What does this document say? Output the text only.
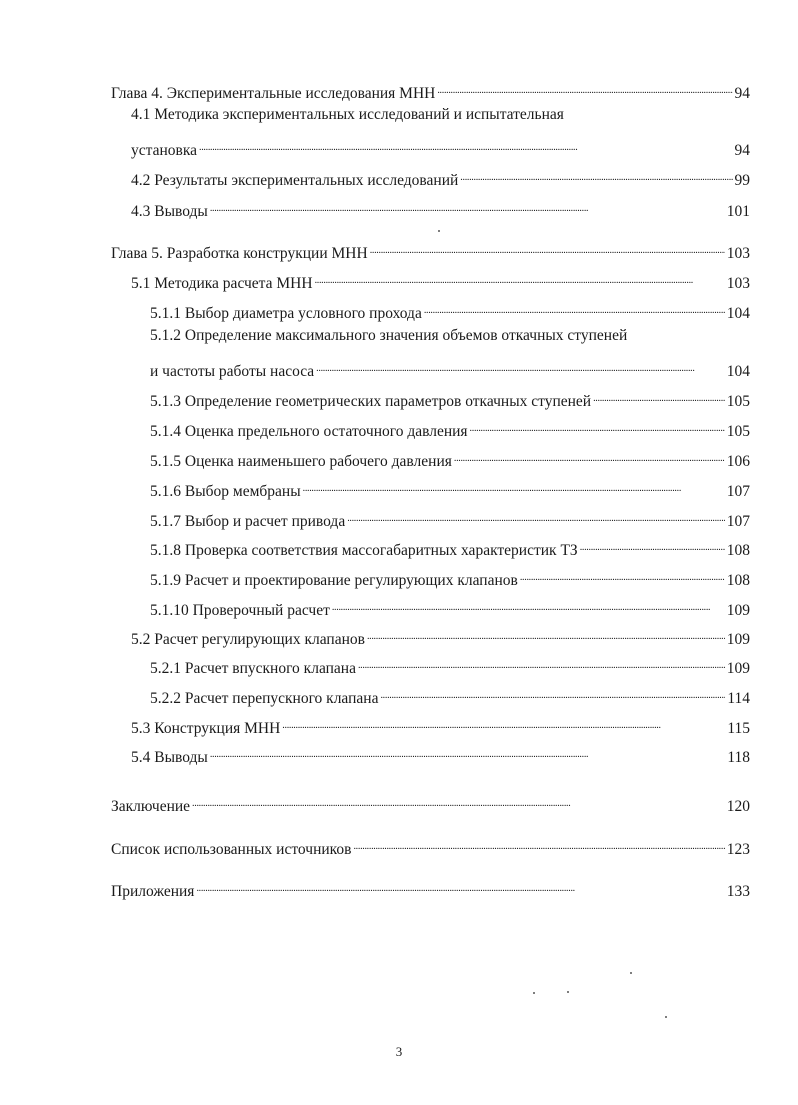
Глава 4. Экспериментальные исследования МНН . . .	94
4.1 Методика экспериментальных исследований и испытательная
установка . . .	94
4.2 Результаты экспериментальных исследований . . .	99
4.3 Выводы . . .	101
Глава 5. Разработка конструкции МНН . . .	103
5.1 Методика расчета МНН . . .	103
5.1.1 Выбор диаметра условного прохода . . .	104
5.1.2 Определение максимального значения объемов откачных ступеней
и частоты работы насоса . . .	104
5.1.3 Определение геометрических параметров откачных ступеней . . .	105
5.1.4 Оценка предельного остаточного давления . . .	105
5.1.5 Оценка наименьшего рабочего давления . . .	106
5.1.6 Выбор мембраны . . .	107
5.1.7 Выбор и расчет привода . . .	107
5.1.8 Проверка соответствия массогабаритных характеристик ТЗ . . .	108
5.1.9 Расчет и проектирование регулирующих клапанов . . .	108
5.1.10 Проверочный расчет . . .	109
5.2 Расчет регулирующих клапанов . . .	109
5.2.1 Расчет впускного клапана . . .	109
5.2.2 Расчет перепускного клапана . . .	114
5.3 Конструкция МНН . . .	115
5.4 Выводы . . .	118
Заключение . . .	120
Список использованных источников . . .	123
Приложения . . .	133
3
